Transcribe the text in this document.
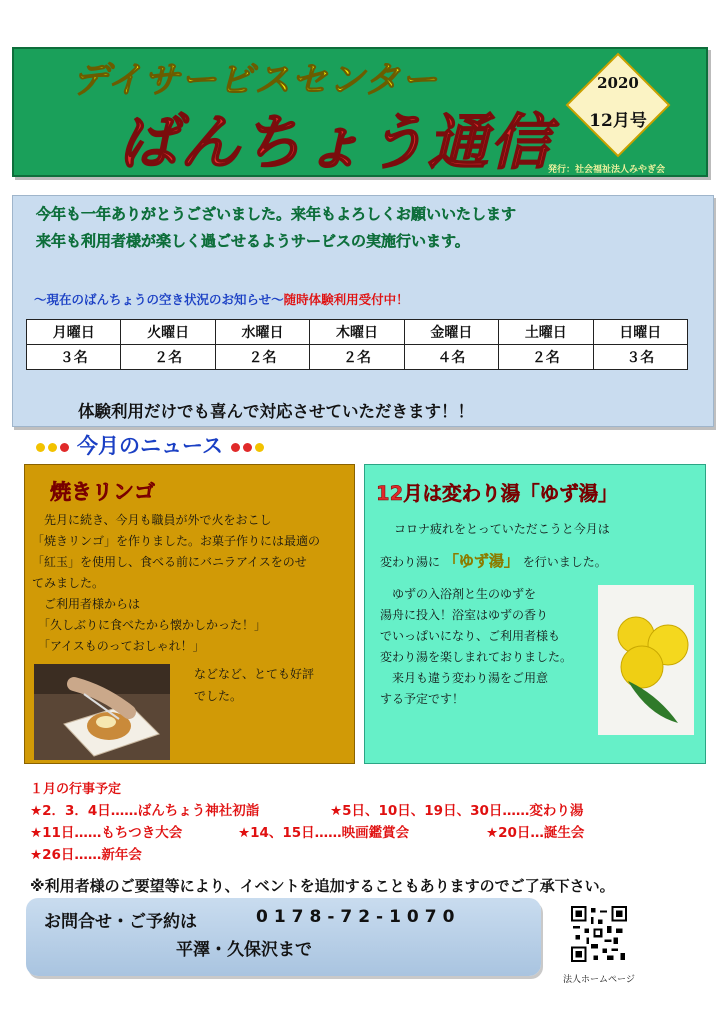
デイサービスセンター
ばんちょう通信
2020
12月号
発行：社会福祉法人みやぎ会
今年も一年ありがとうございました。来年もよろしくお願いいたします
来年も利用者様が楽しく過ごせるようサービスの実施行います。
～現在のばんちょうの空き状況のお知らせ～随時体験利用受付中！
月曜日	火曜日	水曜日	木曜日	金曜日	土曜日	日曜日
３名	２名	２名	２名	４名	２名	３名
体験利用だけでも喜んで対応させていただきます！！
今月のニュース
焼きリンゴ
　先月に続き、今月も職員が外で火をおこし
「焼きリンゴ」を作りました。お菓子作りには最適の
「紅玉」を使用し、食べる前にバニラアイスをのせ
てみました。
　ご利用者様からは
　「久しぶりに食べたから懐かしかった！」
　「アイスものっておしゃれ！」
などなど、とても好評
でした。
12月は変わり湯「ゆず湯」
コロナ疲れをとっていただこうと今月は
変わり湯に 「ゆず湯」 を行いました。
　ゆずの入浴剤と生のゆずを
湯舟に投入！浴室はゆずの香り
でいっぱいになり、ご利用者様も
変わり湯を楽しまれておりました。
　来月も違う変わり湯をご用意
する予定です！
１月の行事予定
★2．3．4日……ばんちょう神社初詣	★5日、10日、19日、30日……変わり湯
★11日……もちつき大会	★14、15日……映画鑑賞会	★20日…誕生会
★26日……新年会
※利用者様のご要望等により、イベントを追加することもありますのでご了承下さい。
お問合せ・ご予約は	0178-72-1070
平澤・久保沢まで
法人ホームページ
